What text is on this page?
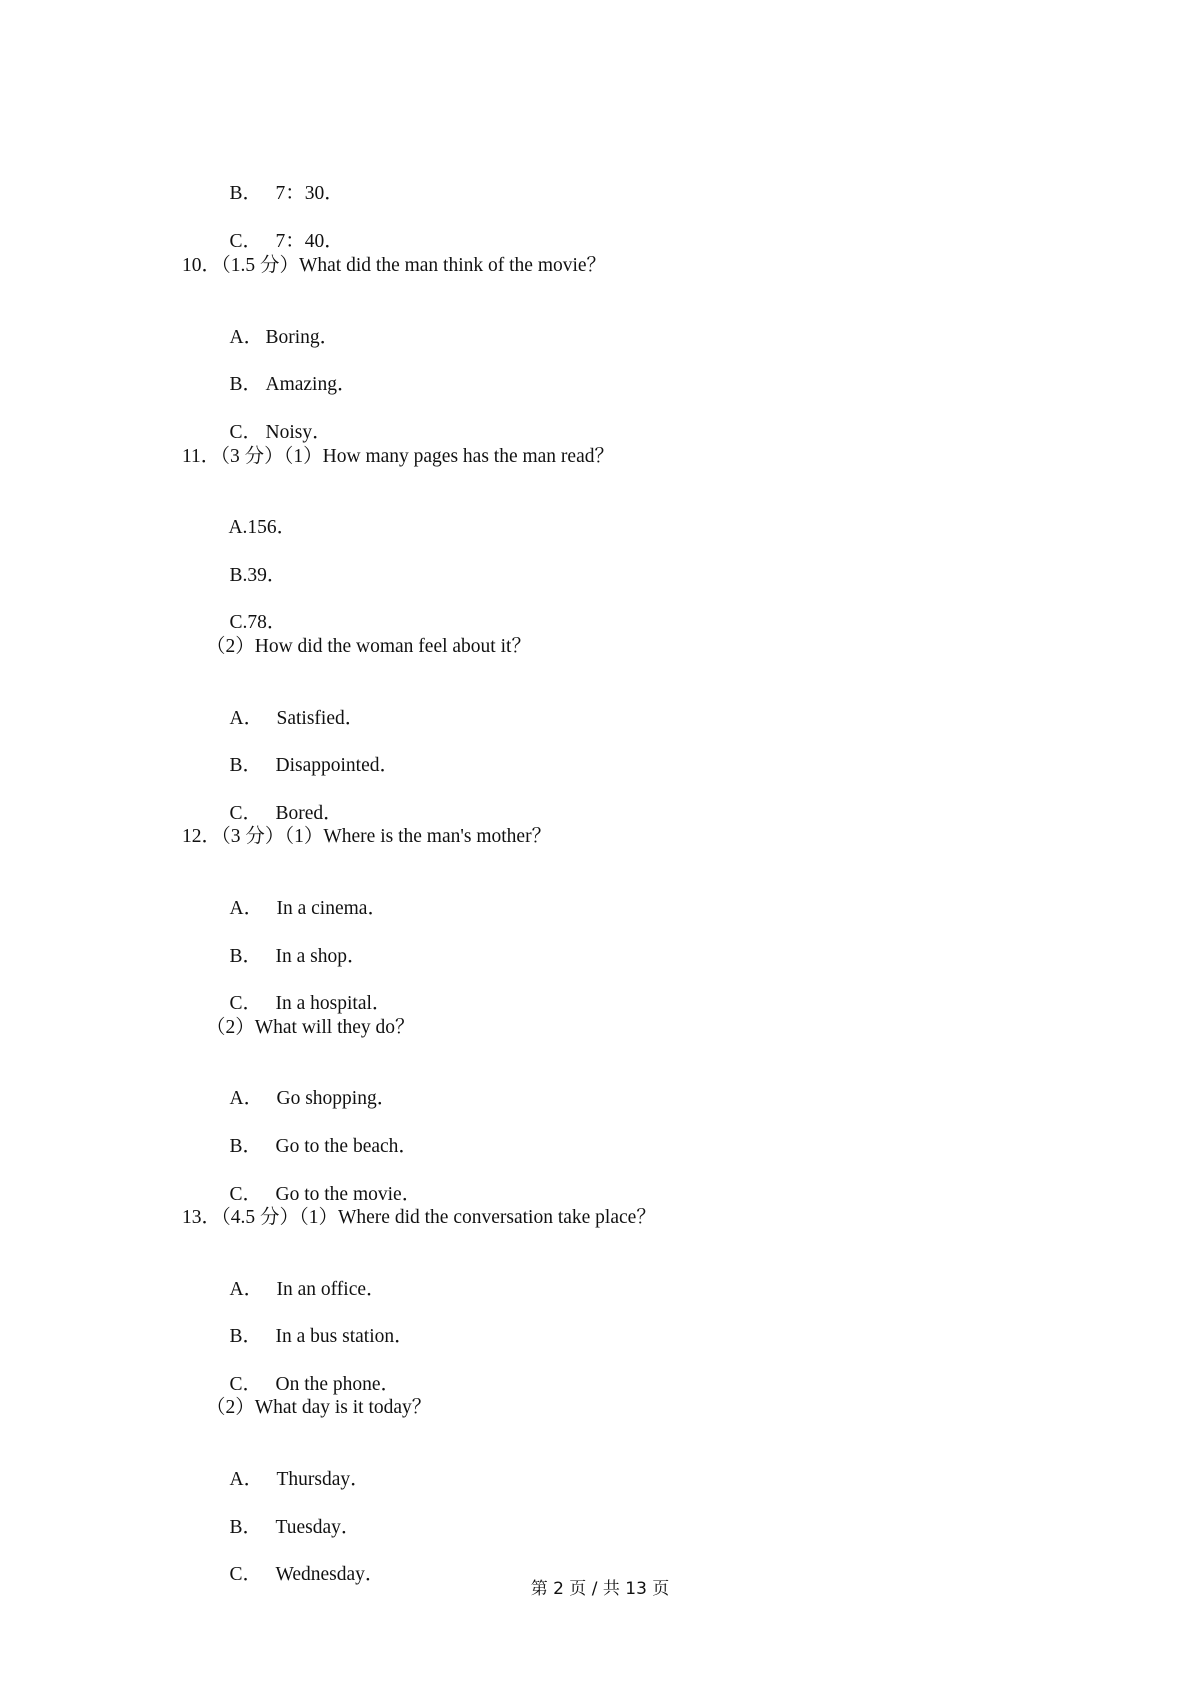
B． 7：30．

C． 7：40．

10．（1.5 分）What did the man think of the movie？

A． Boring．

B． Amazing．

C． Noisy．

11．（3 分）（1）How many pages has the man read？

A.156．

B.39．

C.78．

（2）How did the woman feel about it？

A． Satisfied．

B． Disappointed．

C． Bored．

12．（3 分）（1）Where is the man's mother？

A． In a cinema．

B． In a shop．

C． In a hospital．

（2）What will they do？

A． Go shopping．

B． Go to the beach．

C． Go to the movie．

13．（4.5 分）（1）Where did the conversation take place？

A． In an office．

B． In a bus station．

C． On the phone．

（2）What day is it today？

A． Thursday．

B． Tuesday．

C． Wednesday．

第 2 页 / 共 13 页
